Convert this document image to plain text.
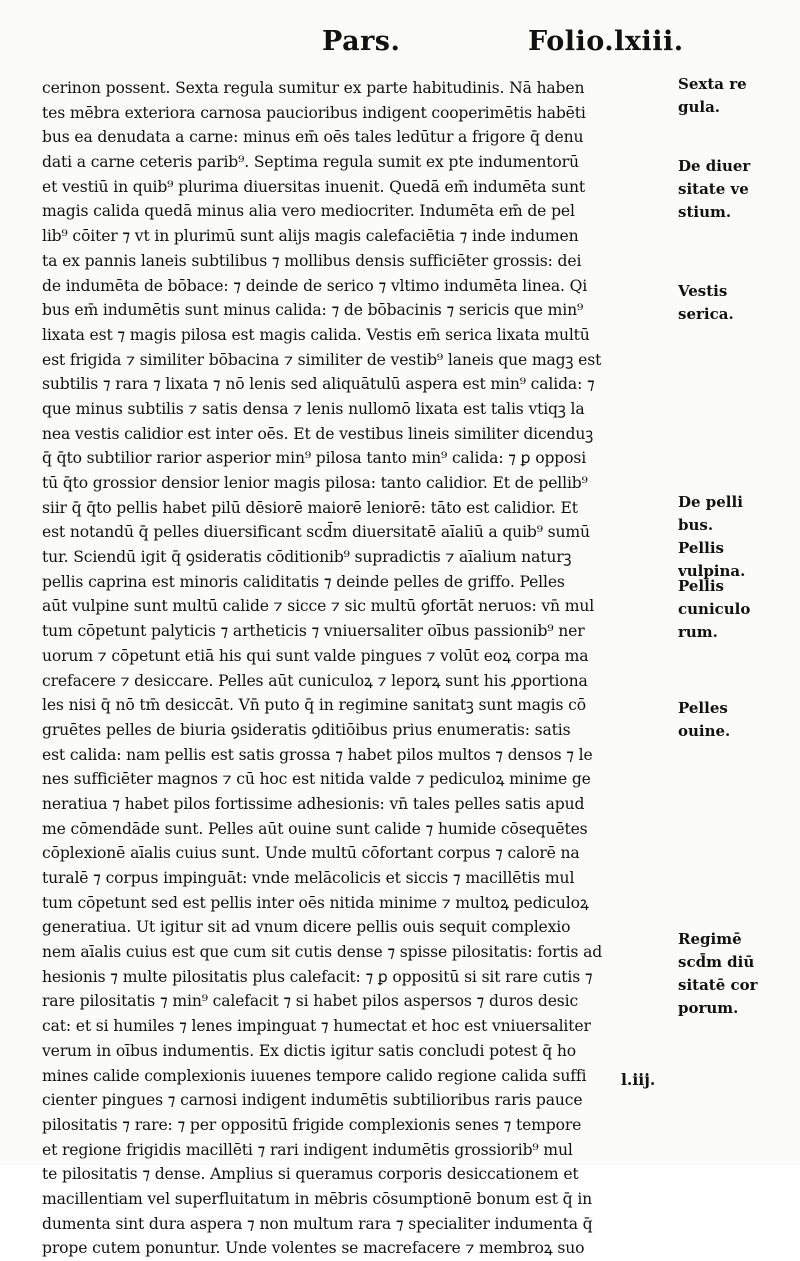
Pars.	Folio.lxiii.
cerinon possent. Sexta regula sumitur ex parte habitudinis. Nā haben
tes mēbra exteriora carnosa paucioribus indigent cooperimētis habēti
bus ea denudata a carne: minus em̄ oēs tales ledūtur a frigore q̄ denu
dati a carne ceteris parib⁹. Septima regula sumit ex pte indumentorū
et vestiū in quib⁹ plurima diuersitas inuenit. Quedā em̄ indumēta sunt
magis calida quedā minus alia vero mediocriter. Indumēta em̄ de pel
lib⁹ cōiter ⁊ vt in plurimū sunt alijs magis calefaciētia ⁊ inde indumen
ta ex pannis laneis subtilibus ⁊ mollibus densis sufficiēter grossis: dei
de indumēta de bōbace: ⁊ deinde de serico ⁊ vltimo indumēta linea. Qi
bus em̄ indumētis sunt minus calida: ⁊ de bōbacinis ⁊ sericis que min⁹
lixata est ⁊ magis pilosa est magis calida. Vestis em̄ serica lixata multū
est frigida ⁊ similiter bōbacina ⁊ similiter de vestib⁹ laneis que magꝫ est
subtilis ⁊ rara ⁊ lixata ⁊ nō lenis sed aliquātulū aspera est min⁹ calida: ⁊
que minus subtilis ⁊ satis densa ⁊ lenis nullomō lixata est talis vtiqꝫ la
nea vestis calidior est inter oēs. Et de vestibus lineis similiter dicenduꝫ
q̄ q̄to subtilior rarior asperior min⁹ pilosa tanto min⁹ calida: ⁊ ꝑ opposi
tū q̄to grossior densior lenior magis pilosa: tanto calidior. Et de pellib⁹
siir q̄ q̄to pellis habet pilū dēsiorē maiorē leniorē: tāto est calidior. Et
est notandū q̄ pelles diuersificant scd̄m diuersitatē aīaliū a quib⁹ sumū
tur. Sciendū igit q̄ ꝯsideratis cōditionib⁹ supradictis ⁊ aīalium naturꝫ
pellis caprina est minoris caliditatis ⁊ deinde pelles de griffo. Pelles
aūt vulpine sunt multū calide ⁊ sicce ⁊ sic multū ꝯfortāt neruos: vn̄ mul
tum cōpetunt palyticis ⁊ artheticis ⁊ vniuersaliter oībus passionib⁹ ner
uorum ⁊ cōpetunt etiā his qui sunt valde pingues ⁊ volūt eoꝝ corpa ma
crefacere ⁊ desiccare. Pelles aūt cuniculoꝝ ⁊ leporꝝ sunt his ꝓportiona
les nisi q̄ nō tm̄ desiccāt. Vn̄ puto q̄ in regimine sanitatꝫ sunt magis cō
gruētes pelles de biuria ꝯsideratis ꝯditiōibus prius enumeratis: satis
est calida: nam pellis est satis grossa ⁊ habet pilos multos ⁊ densos ⁊ le
nes sufficiēter magnos ⁊ cū hoc est nitida valde ⁊ pediculoꝝ minime ge
neratiua ⁊ habet pilos fortissime adhesionis: vn̄ tales pelles satis apud
me cōmendāde sunt. Pelles aūt ouine sunt calide ⁊ humide cōsequētes
cōplexionē aīalis cuius sunt. Unde multū cōfortant corpus ⁊ calorē na
turalē ⁊ corpus impinguāt: vnde melācolicis et siccis ⁊ macillētis mul
tum cōpetunt sed est pellis inter oēs nitida minime ⁊ multoꝝ pediculoꝝ
generatiua. Ut igitur sit ad vnum dicere pellis ouis sequit complexio
nem aīalis cuius est que cum sit cutis dense ⁊ spisse pilositatis: fortis ad
hesionis ⁊ multe pilositatis plus calefacit: ⁊ ꝑ oppositū si sit rare cutis ⁊
rare pilositatis ⁊ min⁹ calefacit ⁊ si habet pilos aspersos ⁊ duros desic
cat: et si humiles ⁊ lenes impinguat ⁊ humectat et hoc est vniuersaliter
verum in oībus indumentis. Ex dictis igitur satis concludi potest q̄ ho
mines calide complexionis iuuenes tempore calido regione calida suffi
cienter pingues ⁊ carnosi indigent indumētis subtilioribus raris pauce
pilositatis ⁊ rare: ⁊ per oppositū frigide complexionis senes ⁊ tempore
et regione frigidis macillēti ⁊ rari indigent indumētis grossiorib⁹ mul
te pilositatis ⁊ dense. Amplius si queramus corporis desiccationem et
macillentiam vel superfluitatum in mēbris cōsumptionē bonum est q̄ in
dumenta sint dura aspera ⁊ non multum rara ⁊ specialiter indumenta q̄
prope cutem ponuntur. Unde volentes se macrefacere ⁊ membroꝝ suo
Sexta re
gula.
De diuer
sitate ve
stium.
Vestis
serica.
De pelli
bus.
Pellis
vulpina.
Pellis
cuniculo
rum.
Pelles
ouine.
Regimē
scd̄m diū
sitatē cor
porum.
l.iij.
